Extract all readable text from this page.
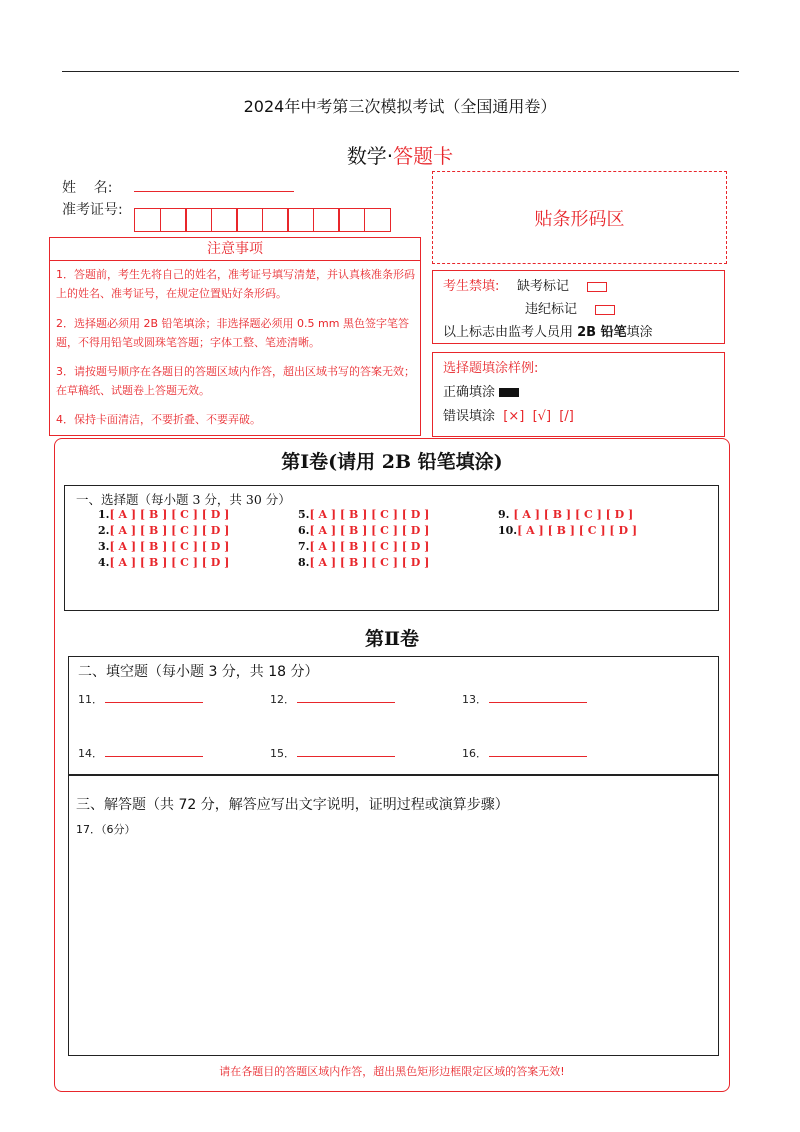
2024年中考第三次模拟考试（全国通用卷）
数学·答题卡
姓    名:
准考证号:	贴条形码区
注意事项
1．答题前，考生先将自己的姓名，准考证号填写清楚，并认真核准条形码上的姓名、准考证号，在规定位置贴好条形码。
2．选择题必须用 2B 铅笔填涂；非选择题必须用 0.5 mm 黑色签字笔答题，不得用铅笔或圆珠笔答题；字体工整、笔迹清晰。
3．请按题号顺序在各题目的答题区域内作答，超出区域书写的答案无效；在草稿纸、试题卷上答题无效。
4．保持卡面清洁，不要折叠、不要弄破。
考生禁填: 缺考标记
违纪标记
以上标志由监考人员用 2B 铅笔填涂
选择题填涂样例:
正确填涂
错误填涂 [×]  [√]  [/]
第Ⅰ卷(请用 2B 铅笔填涂)
一、选择题（每小题 3 分，共 30 分）
1.[ A ] [ B ] [ C ] [ D ]
2.[ A ] [ B ] [ C ] [ D ]
3.[ A ] [ B ] [ C ] [ D ]
4.[ A ] [ B ] [ C ] [ D ]
5.[ A ] [ B ] [ C ] [ D ]
6.[ A ] [ B ] [ C ] [ D ]
7.[ A ] [ B ] [ C ] [ D ]
8.[ A ] [ B ] [ C ] [ D ]
9. [ A ] [ B ] [ C ] [ D ]
10.[ A ] [ B ] [ C ] [ D ]
第Ⅱ卷
二、填空题（每小题 3 分，共 18 分）
11．	12．	13．
14．	15．	16．
三、解答题（共 72 分，解答应写出文字说明，证明过程或演算步骤）
17．（6分）
请在各题目的答题区域内作答，超出黑色矩形边框限定区域的答案无效!
